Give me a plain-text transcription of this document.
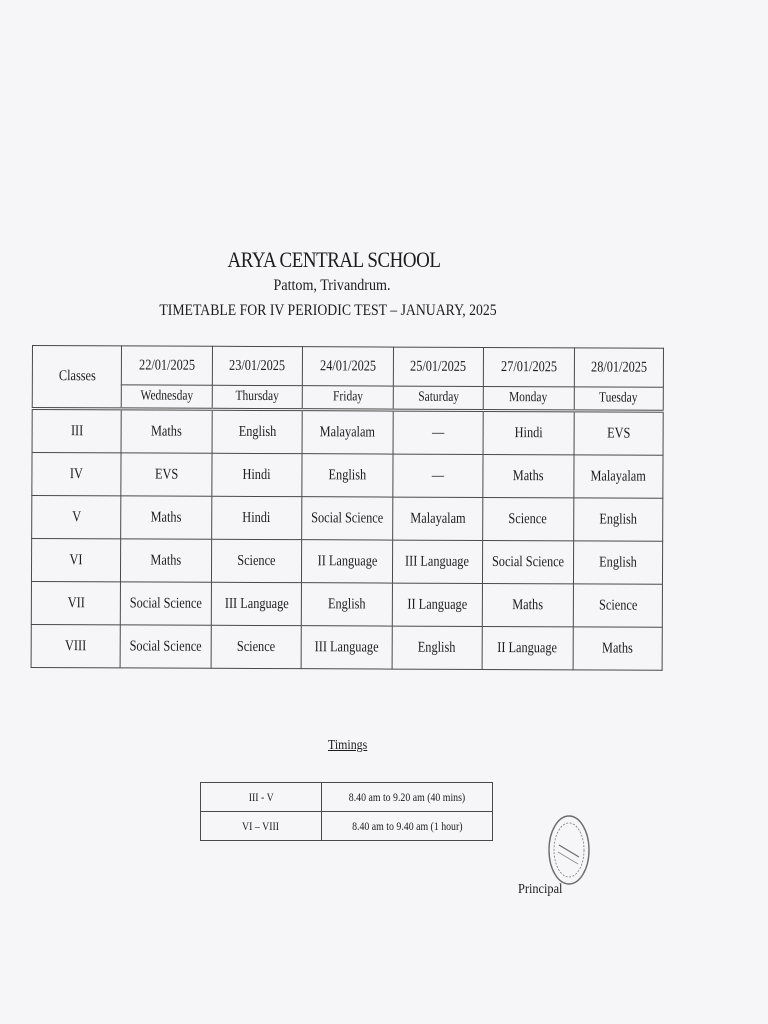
ARYA CENTRAL SCHOOL
Pattom, Trivandrum.
TIMETABLE FOR IV PERIODIC TEST – JANUARY, 2025
Classes	22/01/2025	23/01/2025	24/01/2025	25/01/2025	27/01/2025	28/01/2025
	Wednesday	Thursday	Friday	Saturday	Monday	Tuesday
III	Maths	English	Malayalam	—	Hindi	EVS
IV	EVS	Hindi	English	—	Maths	Malayalam
V	Maths	Hindi	Social Science	Malayalam	Science	English
VI	Maths	Science	II Language	III Language	Social Science	English
VII	Social Science	III Language	English	II Language	Maths	Science
VIII	Social Science	Science	III Language	English	II Language	Maths
Timings
III - V	8.40 am to 9.20 am (40 mins)
VI – VIII	8.40 am to 9.40 am (1 hour)
Principal
